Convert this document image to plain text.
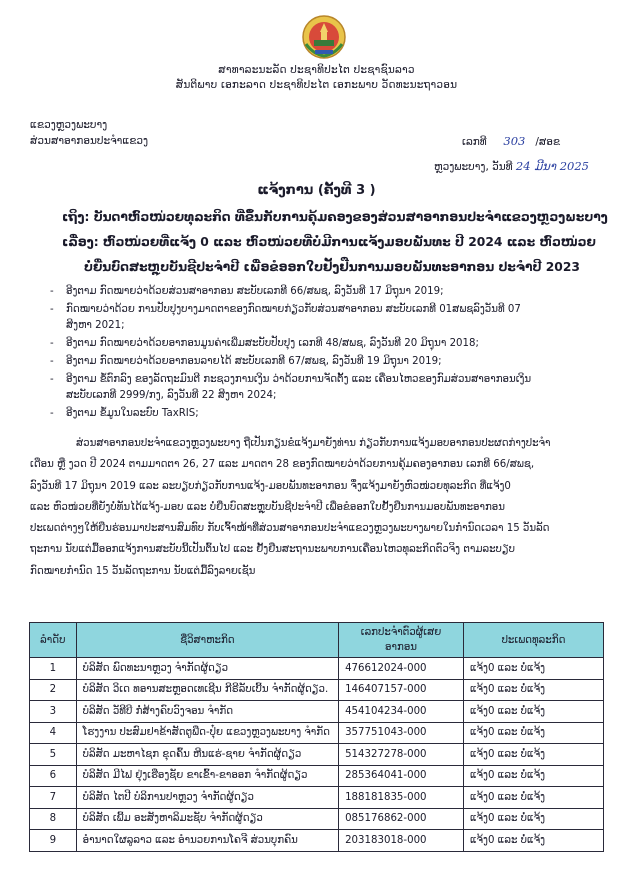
ສາທາລະນະລັດ ປະຊາທິປະໄຕ ປະຊາຊົນລາວ
ສັນຕິພາບ ເອກະລາດ ປະຊາທິປະໄຕ ເອກະພາບ ວັດທະນະຖາວອນ
ແຂວງຫຼວງພະບາງ
ສ່ວນສາອາກອນປະຈຳແຂວງ	ເລກທີ 303 /ສອຂ
ຫຼວງພະບາງ, ວັນທີ 24 ມີນາ 2025
ແຈ້ງການ (ຄັ້ງທີ 3 )
ເຖິງ: ບັນດາຫົວໜ່ວຍທຸລະກິດ ທີ່ຂຶ້ນກັບການຄຸ້ມຄອງຂອງສ່ວນສາອາກອນປະຈຳແຂວງຫຼວງພະບາງ
ເລື່ອງ: ຫົວໜ່ວຍທີ່ແຈ້ງ 0 ແລະ ຫົວໜ່ວຍທີ່ບໍ່ມີການແຈ້ງມອບພັນທະ ປີ 2024 ແລະ ຫົວໜ່ວຍ
ບໍ່ຍື່ນບົດສະຫຼຸບບັນຊີປະຈຳປີ ເພື່ອຂໍອອກໃບຢັ້ງຢືນການມອບພັນທະອາກອນ ປະຈຳປີ 2023
- ອີງຕາມ ກົດໝາຍວ່າດ້ວຍສ່ວນສາອາກອນ ສະບັບເລກທີ 66/ສພຊ, ລົງວັນທີ 17 ມິຖຸນາ 2019;
- ກົດໝາຍວ່າດ້ວຍ ການປັບປຸງບາງມາດຕາຂອງກົດໝາຍກ່ຽວກັບສ່ວນສາອາກອນ ສະບັບເລກທີ 01ສພຊລົງວັນທີ 07
ສິງຫາ 2021;
- ອີງຕາມ ກົດໝາຍວ່າດ້ວຍອາກອນມູນຄ່າເພີ່ມສະບັບປັບປຸງ ເລກທີ 48/ສພຊ, ລົງວັນທີ 20 ມິຖຸນາ 2018;
- ອີງຕາມ ກົດໝາຍວ່າດ້ວຍອາກອນລາຍໄດ້ ສະບັບເລກທີ 67/ສພຊ, ລົງວັນທີ 19 ມິຖຸນາ 2019;
- ອີງຕາມ ຂໍ້ຕົກລົງ ຂອງລັດຖະມົນຕີ ກະຊວງການເງິນ ວ່າດ້ວຍການຈັດຕັ້ງ ແລະ ເຄື່ອນໄຫວຂອງກົມສ່ວນສາອາກອນເງິນ
ສະບັບເລກທີ 2999/ກງ, ລົງວັນທີ 22 ສິງຫາ 2024;
- ອີງຕາມ ຂໍ້ມູນໃນລະບົບ TaxRIS;
ສ່ວນສາອາກອນປະຈຳແຂວງຫຼວງພະບາງ ຖືເປັນກຽນຂໍແຈ້ງມາຍັງທ່ານ ກ່ຽວກັບການແຈ້ງມອບອາກອນປະຜດກ່າງປະຈຳ
ເດືອນ ຫຼື ງວດ ປີ 2024 ຕາມມາດຕາ 26, 27 ແລະ ມາດຕາ 28 ຂອງກົດໝາຍວ່າດ້ວຍການຄຸ້ມຄອງອາກອນ ເລກທີ 66/ສພຊ,
ລົງວັນທີ 17 ມິຖຸນາ 2019 ແລະ ລະບຽບກ່ຽວກັບການແຈ້ງ-ມອບພັນທະອາກອນ ຈຶ່ງແຈ້ງມາຍັງຫົວໜ່ວຍທຸລະກິດ ທີ່ແຈ້ງ0
ແລະ ຫົວໜ່ວຍທີ່ຍັງບໍ່ທັນໄດ້ແຈ້ງ-ມອບ ແລະ ບໍ່ຍື່ນບົດສະຫຼຸບບັນຊີປະຈຳປີ ເພື່ອຂໍອອກໃບຢັ້ງຢືນການມອບພັນທະອາກອນ
ປະເພດຕ່າງໆໃຫ້ຍືນຮ່ອນມາປະສານສົມທົບ ກັບເຈົ້າໜ້າທີ່ສ່ວນສາອາກອນປະຈຳແຂວງຫຼວງພະບາງພາຍໃນກຳນົດເວລາ 15 ວັນລັດ
ຖະການ ນັບແຕ່ມື້ອອກແຈ້ງການສະບັບນີ້ເປັນຕົ້ນໄປ ແລະ ຢັ້ງຢືນສະຖານະພາບການເຄື່ອນໄຫວທຸລະກິດຕົວຈິງ ຕາມລະບຽບ
ກົດໝາຍກຳນົດ 15 ວັນລັດຖະການ ນັບແຕ່ມື້ລົງລາຍເຊັນ
ລຳດັບ	ຊື່ວິສາຫະກິດ	ເລກປະຈຳຕົວຜູ້ເສຍ
ອາກອນ	ປະເພດທຸລະກິດ
1	ບໍລິສັດ ພົດທະນາຫຼວງ ຈຳກັດຜູ້ດຽວ	476612024-000	ແຈ້ງ0 ແລະ ບໍ່ແຈ້ງ
2	ບໍລິສັດ ວິເດ ທອານສະຫຼອດເທເຊີນ ກີຣີລັບເບີ້ນ ຈຳກັດຜູ້ດຽວ.	146407157-000	ແຈ້ງ0 ແລະ ບໍ່ແຈ້ງ
3	ບໍລິສັດ ວັທີບີ ກໍ່ສ້າງຄົບວົງຈອນ ຈຳກັດ	454104234-000	ແຈ້ງ0 ແລະ ບໍ່ແຈ້ງ
4	ໂຮງງານ ປະສົມຢາຂ້າສັດຕູພືດ-ປຸ໋ຍ ແຂວງຫຼວງພະບາງ ຈຳກັດ	357751043-000	ແຈ້ງ0 ແລະ ບໍ່ແຈ້ງ
5	ບໍລິສັດ ມະຫາໄຊກ ຂຸດຄົ້ນ ຫີນແຮ່-ຊາຍ ຈຳກັດຜູ້ດຽວ	514327278-000	ແຈ້ງ0 ແລະ ບໍ່ແຈ້ງ
6	ບໍລິສັດ ມີໄຟ ຢຸ່ງເຮືອງຊັຍ ຂາເຂົ້າ-ຂາອອກ ຈຳກັດຜູ້ດຽວ	285364041-000	ແຈ້ງ0 ແລະ ບໍ່ແຈ້ງ
7	ບໍລິສັດ ໄຕປີ ບໍລິການປາຫຼວງ ຈຳກັດຜູ້ດຽວ	188181835-000	ແຈ້ງ0 ແລະ ບໍ່ແຈ້ງ
8	ບໍລິສັດ ເພີ້ມ ອະສັງຫາລິມະຊັບ ຈຳກັດຜູ້ດຽວ	085176862-000	ແຈ້ງ0 ແລະ ບໍ່ແຈ້ງ
9	ອຳນາດໃຜລູລາວ ແລະ ອຳນວຍການໂຄຈີ ສ່ວນບຸກຄົນ	203183018-000	ແຈ້ງ0 ແລະ ບໍ່ແຈ້ງ
